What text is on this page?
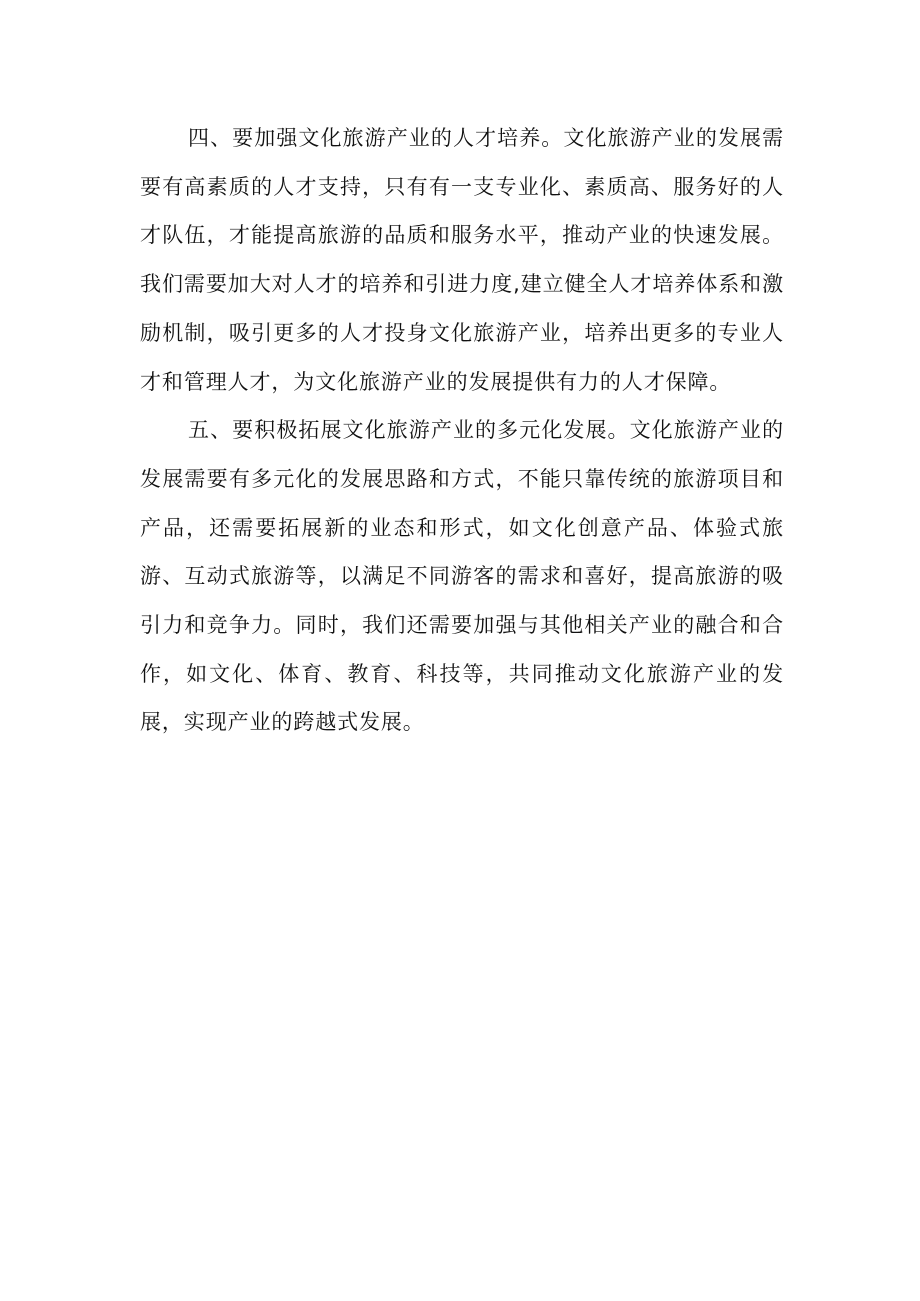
四、要加强文化旅游产业的人才培养。文化旅游产业的发展需要有高素质的人才支持，只有有一支专业化、素质高、服务好的人才队伍，才能提高旅游的品质和服务水平，推动产业的快速发展。我们需要加大对人才的培养和引进力度,建立健全人才培养体系和激励机制，吸引更多的人才投身文化旅游产业，培养出更多的专业人才和管理人才，为文化旅游产业的发展提供有力的人才保障。

五、要积极拓展文化旅游产业的多元化发展。文化旅游产业的发展需要有多元化的发展思路和方式，不能只靠传统的旅游项目和产品，还需要拓展新的业态和形式，如文化创意产品、体验式旅游、互动式旅游等，以满足不同游客的需求和喜好，提高旅游的吸引力和竞争力。同时，我们还需要加强与其他相关产业的融合和合作，如文化、体育、教育、科技等，共同推动文化旅游产业的发展，实现产业的跨越式发展。
